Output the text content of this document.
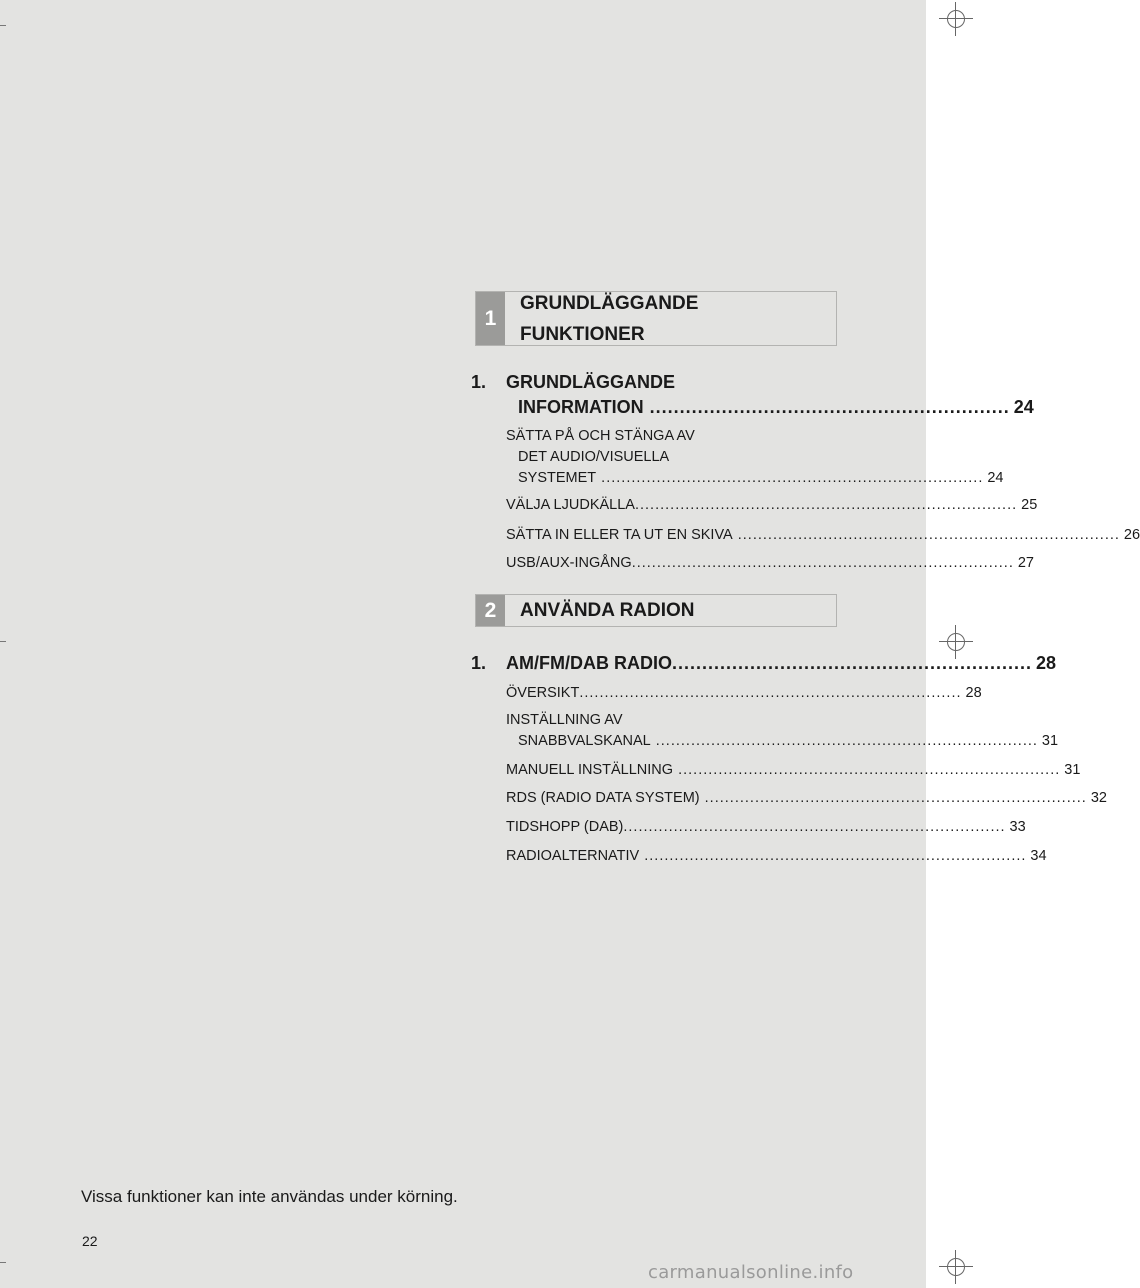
1
GRUNDLÄGGANDE
FUNKTIONER
1. GRUNDLÄGGANDE
INFORMATION ............................................................ 24
SÄTTA PÅ OCH STÄNGA AV
DET AUDIO/VISUELLA
SYSTEMET ............................................................................ 24
VÄLJA LJUDKÄLLA ............................................................................ 25
SÄTTA IN ELLER TA UT EN SKIVA ............................................................................ 26
USB/AUX-INGÅNG ............................................................................ 27
2	ANVÄNDA RADION
1. AM/FM/DAB RADIO ............................................................ 28
ÖVERSIKT ............................................................................ 28
INSTÄLLNING AV
SNABBVALSKANAL ............................................................................ 31
MANUELL INSTÄLLNING ............................................................................ 31
RDS (RADIO DATA SYSTEM) ............................................................................ 32
TIDSHOPP (DAB) ............................................................................ 33
RADIOALTERNATIV ............................................................................ 34
Vissa funktioner kan inte användas under körning.
22
carmanualsonline.info
